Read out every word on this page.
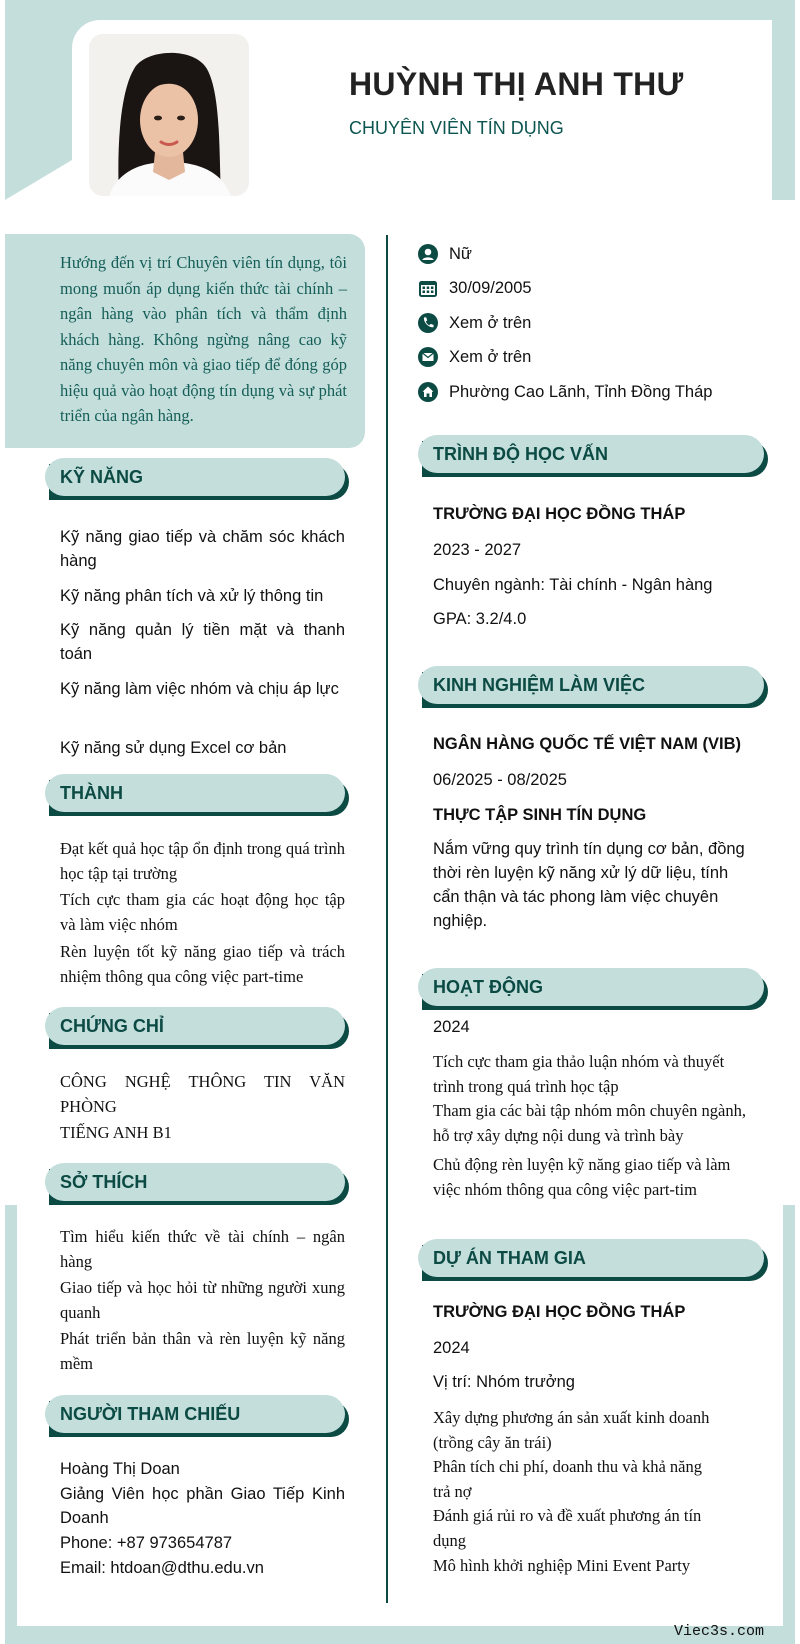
HUỲNH THỊ ANH THƯ
CHUYÊN VIÊN TÍN DỤNG

Hướng đến vị trí Chuyên viên tín dụng, tôi mong muốn áp dụng kiến thức tài chính – ngân hàng vào phân tích và thẩm định khách hàng. Không ngừng nâng cao kỹ năng chuyên môn và giao tiếp để đóng góp hiệu quả vào hoạt động tín dụng và sự phát triển của ngân hàng.

KỸ NĂNG
Kỹ năng giao tiếp và chăm sóc khách hàng
Kỹ năng phân tích và xử lý thông tin
Kỹ năng quản lý tiền mặt và thanh toán
Kỹ năng làm việc nhóm và chịu áp lực
Kỹ năng sử dụng Excel cơ bản
THÀNH
Đạt kết quả học tập ổn định trong quá trình học tập tại trường
Tích cực tham gia các hoạt động học tập và làm việc nhóm
Rèn luyện tốt kỹ năng giao tiếp và trách nhiệm thông qua công việc part-time
CHỨNG CHỈ
CÔNG NGHỆ THÔNG TIN VĂN
PHÒNG
TIẾNG ANH B1
SỞ THÍCH
Tìm hiểu kiến thức về tài chính – ngân hàng
Giao tiếp và học hỏi từ những người xung quanh
Phát triển bản thân và rèn luyện kỹ năng mềm
NGƯỜI THAM CHIẾU
Hoàng Thị Doan
Giảng Viên học phần Giao Tiếp Kinh Doanh
Phone: +87 973654787
Email: htdoan@dthu.edu.vn
Nữ
30/09/2005
Xem ở trên
Xem ở trên
Phường Cao Lãnh, Tỉnh Đồng Tháp
TRÌNH ĐỘ HỌC VẤN
TRƯỜNG ĐẠI HỌC ĐỒNG THÁP
2023 - 2027
Chuyên ngành: Tài chính - Ngân hàng
GPA: 3.2/4.0
KINH NGHIỆM LÀM VIỆC
NGÂN HÀNG QUỐC TẾ VIỆT NAM (VIB)
06/2025 - 08/2025
THỰC TẬP SINH TÍN DỤNG
Nắm vững quy trình tín dụng cơ bản, đồng thời rèn luyện kỹ năng xử lý dữ liệu, tính cẩn thận và tác phong làm việc chuyên nghiệp.
HOẠT ĐỘNG
2024
Tích cực tham gia thảo luận nhóm và thuyết trình trong quá trình học tập
Tham gia các bài tập nhóm môn chuyên ngành, hỗ trợ xây dựng nội dung và trình bày
Chủ động rèn luyện kỹ năng giao tiếp và làm việc nhóm thông qua công việc part-tim
DỰ ÁN THAM GIA
TRƯỜNG ĐẠI HỌC ĐỒNG THÁP
2024
Vị trí: Nhóm trưởng
Xây dựng phương án sản xuất kinh doanh (trồng cây ăn trái)
Phân tích chi phí, doanh thu và khả năng trả nợ
Đánh giá rủi ro và đề xuất phương án tín dụng
Mô hình khởi nghiệp Mini Event Party
Viec3s.com
